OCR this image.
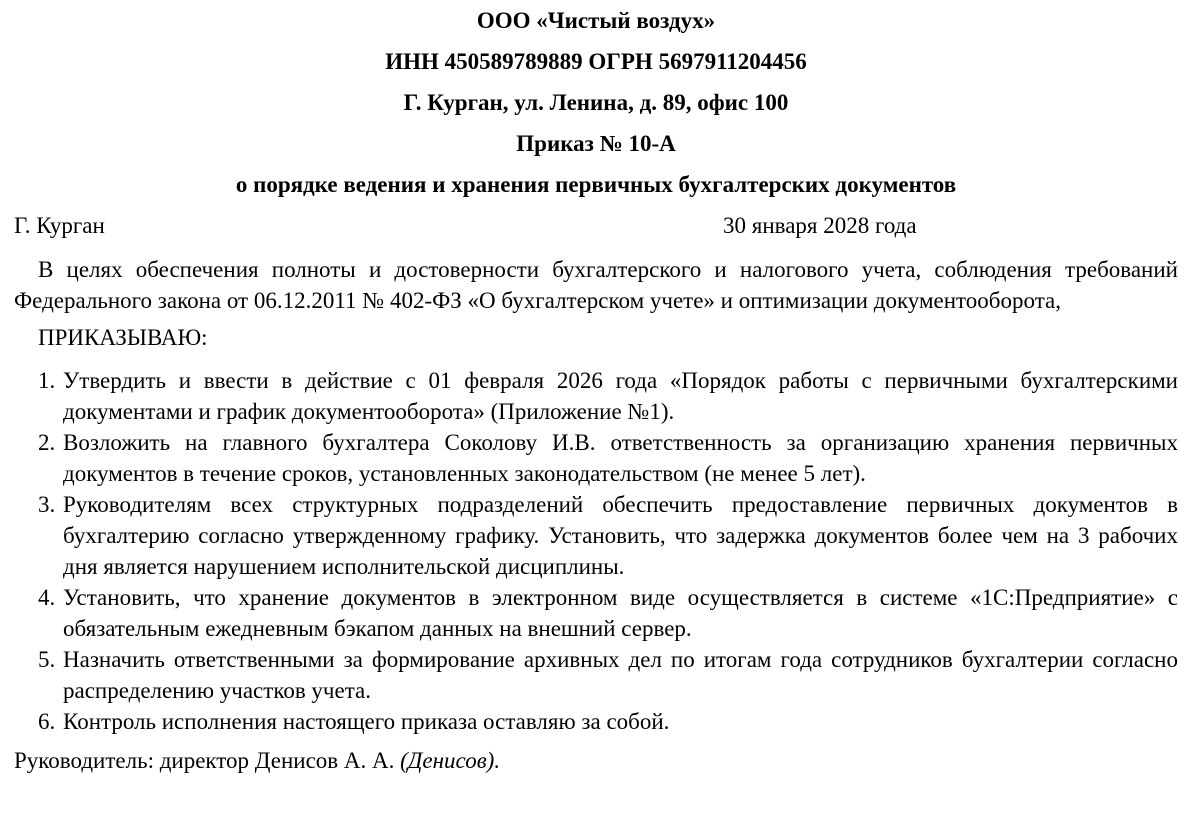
ООО «Чистый воздух»
ИНН 450589789889 ОГРН 5697911204456
Г. Курган, ул. Ленина, д. 89, офис 100
Приказ № 10-А
о порядке ведения и хранения первичных бухгалтерских документов
Г. Курган	30 января 2028 года

В целях обеспечения полноты и достоверности бухгалтерского и налогового учета, соблюдения требований Федерального закона от 06.12.2011 № 402-ФЗ «О бухгалтерском учете» и оптимизации документооборота,

ПРИКАЗЫВАЮ:
1. Утвердить и ввести в действие с 01 февраля 2026 года «Порядок работы с первичными бухгалтерскими документами и график документооборота» (Приложение №1).
2. Возложить на главного бухгалтера Соколову И.В. ответственность за организацию хранения первичных документов в течение сроков, установленных законодательством (не менее 5 лет).
3. Руководителям всех структурных подразделений обеспечить предоставление первичных документов в бухгалтерию согласно утвержденному графику. Установить, что задержка документов более чем на 3 рабочих дня является нарушением исполнительской дисциплины.
4. Установить, что хранение документов в электронном виде осуществляется в системе «1С:Предприятие» с обязательным ежедневным бэкапом данных на внешний сервер.
5. Назначить ответственными за формирование архивных дел по итогам года сотрудников бухгалтерии согласно распределению участков учета.
6. Контроль исполнения настоящего приказа оставляю за собой.
Руководитель: директор Денисов А. А. (Денисов).
